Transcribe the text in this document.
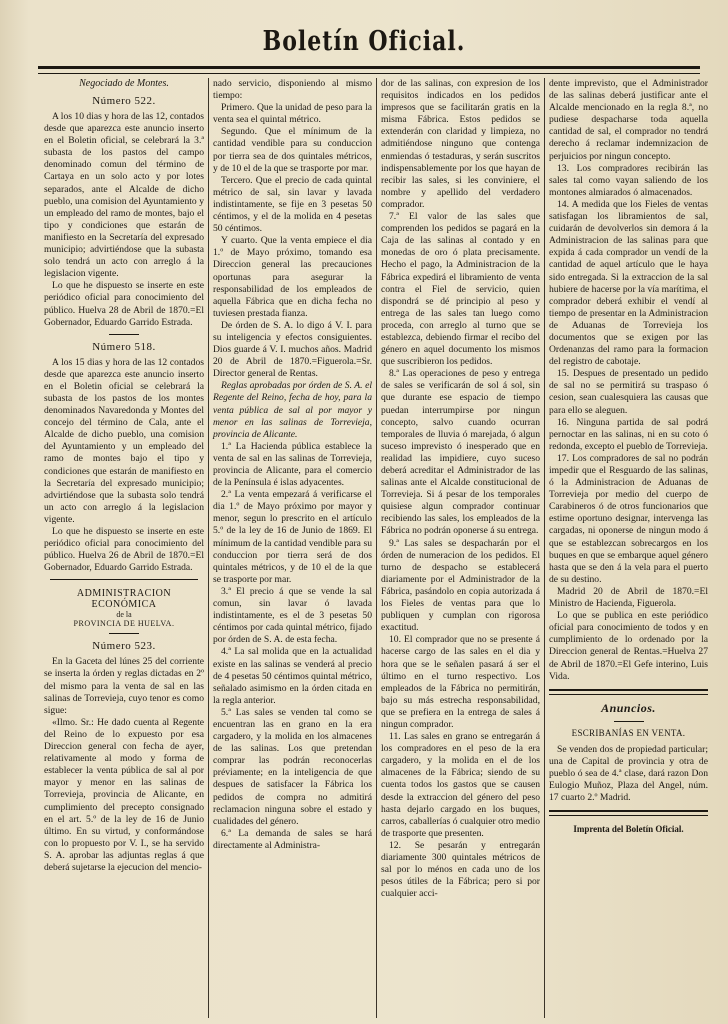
Boletín Oficial.

Negociado de Montes.

Número 522.

A los 10 dias y hora de las 12, contados desde que aparezca este anuncio inserto en el Boletin oficial, se celebrará la 3.ª subasta de los pastos del campo denominado comun del término de Cartaya en un solo acto y por lotes separados, ante el Alcalde de dicho pueblo, una comision del Ayuntamiento y un empleado del ramo de montes, bajo el tipo y condiciones que estarán de manifiesto en la Secretaría del expresado municipio; advirtiéndose que la subasta solo tendrá un acto con arreglo á la legislacion vigente.

Lo que he dispuesto se inserte en este periódico oficial para conocimiento del público. Huelva 28 de Abril de 1870.=El Gobernador, Eduardo Garrido Estrada.

Número 518.

A los 15 dias y hora de las 12 contados desde que aparezca este anuncio inserto en el Boletin oficial se celebrará la subasta de los pastos de los montes denominados Navaredonda y Montes del concejo del término de Cala, ante el Alcalde de dicho pueblo, una comision del Ayuntamiento y un empleado del ramo de montes bajo el tipo y condiciones que estarán de manifiesto en la Secretaría del expresado municipio; advirtiéndose que la subasta solo tendrá un acto con arreglo á la legislacion vigente.

Lo que he dispuesto se inserte en este periódico oficial para conocimiento del público. Huelva 26 de Abril de 1870.=El Gobernador, Eduardo Garrido Estrada.

ADMINISTRACION ECONÓMICA

de la

PROVINCIA DE HUELVA.

Número 523.

En la Gaceta del lúnes 25 del corriente se inserta la órden y reglas dictadas en 2º del mismo para la venta de sal en las salinas de Torrevieja, cuyo tenor es como sigue:

«Ilmo. Sr.: He dado cuenta al Regente del Reino de lo expuesto por esa Direccion general con fecha de ayer, relativamente al modo y forma de establecer la venta pública de sal al por mayor y menor en las salinas de Torrevieja, provincia de Alicante, en cumplimiento del precepto consignado en el art. 5.º de la ley de 16 de Junio último. En su virtud, y conformándose con lo propuesto por V. I., se ha servido S. A. aprobar las adjuntas reglas á que deberá sujetarse la ejecucion del mencio-

nado servicio, disponiendo al mismo tiempo:

Primero. Que la unidad de peso para la venta sea el quintal métrico.

Segundo. Que el mínimum de la cantidad vendible para su conduccion por tierra sea de dos quintales métricos, y de 10 el de la que se trasporte por mar.

Tercero. Que el precio de cada quintal métrico de sal, sin lavar y lavada indistintamente, se fije en 3 pesetas 50 céntimos, y el de la molida en 4 pesetas 50 céntimos.

Y cuarto. Que la venta empiece el dia 1.º de Mayo próximo, tomando esa Direccion general las precauciones oportunas para asegurar la responsabilidad de los empleados de aquella Fábrica que en dicha fecha no tuviesen prestada fianza.

De órden de S. A. lo digo á V. I. para su inteligencia y efectos consiguientes. Dios guarde á V. I. muchos años. Madrid 20 de Abril de 1870.=Figuerola.=Sr. Director general de Rentas.

Reglas aprobadas por órden de S. A. el Regente del Reino, fecha de hoy, para la venta pública de sal al por mayor y menor en las salinas de Torrevieja, provincia de Alicante.

1.ª La Hacienda pública establece la venta de sal en las salinas de Torrevieja, provincia de Alicante, para el comercio de la Península é islas adyacentes.

2.ª La venta empezará á verificarse el dia 1.º de Mayo próximo por mayor y menor, segun lo prescrito en el artículo 5.º de la ley de 16 de Junio de 1869. El mínimum de la cantidad vendible para su conduccion por tierra será de dos quintales métricos, y de 10 el de la que se trasporte por mar.

3.ª El precio á que se vende la sal comun, sin lavar ó lavada indistintamente, es el de 3 pesetas 50 céntimos por cada quintal métrico, fijado por órden de S. A. de esta fecha.

4.ª La sal molida que en la actualidad existe en las salinas se venderá al precio de 4 pesetas 50 céntimos quintal métrico, señalado asimismo en la órden citada en la regla anterior.

5.ª Las sales se venden tal como se encuentran las en grano en la era cargadero, y la molida en los almacenes de las salinas. Los que pretendan comprar las podrán reconocerlas préviamente; en la inteligencia de que despues de satisfacer la Fábrica los pedidos de compra no admitirá reclamacion ninguna sobre el estado y cualidades del género.

6.ª La demanda de sales se hará directamente al Administra-

dor de las salinas, con expresion de los requisitos indicados en los pedidos impresos que se facilitarán gratis en la misma Fábrica. Estos pedidos se extenderán con claridad y limpieza, no admitiéndose ninguno que contenga enmiendas ó testaduras, y serán suscritos indispensablemente por los que hayan de recibir las sales, si les conviniere, el nombre y apellido del verdadero comprador.

7.ª El valor de las sales que comprenden los pedidos se pagará en la Caja de las salinas al contado y en monedas de oro ó plata precisamente. Hecho el pago, la Administracion de la Fábrica expedirá el libramiento de venta contra el Fiel de servicio, quien dispondrá se dé principio al peso y entrega de las sales tan luego como proceda, con arreglo al turno que se establezca, debiendo firmar el recibo del género en aquel documento los mismos que suscribieron los pedidos.

8.ª Las operaciones de peso y entrega de sales se verificarán de sol á sol, sin que durante ese espacio de tiempo puedan interrumpirse por ningun concepto, salvo cuando ocurran temporales de lluvia ó marejada, ó algun suceso imprevisto ó inesperado que en realidad las impidiere, cuyo suceso deberá acreditar el Administrador de las salinas ante el Alcalde constitucional de Torrevieja. Si á pesar de los temporales quisiese algun comprador continuar recibiendo las sales, los empleados de la Fábrica no podrán oponerse á su entrega.

9.ª Las sales se despacharán por el órden de numeracion de los pedidos. El turno de despacho se establecerá diariamente por el Administrador de la Fábrica, pasándolo en copia autorizada á los Fieles de ventas para que lo publiquen y cumplan con rigorosa exactitud.

10. El comprador que no se presente á hacerse cargo de las sales en el dia y hora que se le señalen pasará á ser el último en el turno respectivo. Los empleados de la Fábrica no permitirán, bajo su más estrecha responsabilidad, que se prefiera en la entrega de sales á ningun comprador.

11. Las sales en grano se entregarán á los compradores en el peso de la era cargadero, y la molida en el de los almacenes de la Fábrica; siendo de su cuenta todos los gastos que se causen desde la extraccion del género del peso hasta dejarlo cargado en los buques, carros, caballerías ó cualquier otro medio de trasporte que presenten.

12. Se pesarán y entregarán diariamente 300 quintales métricos de sal por lo ménos en cada uno de los pesos útiles de la Fábrica; pero si por cualquier acci-

dente imprevisto, que el Administrador de las salinas deberá justificar ante el Alcalde mencionado en la regla 8.ª, no pudiese despacharse toda aquella cantidad de sal, el comprador no tendrá derecho á reclamar indemnizacion de perjuicios por ningun concepto.

13. Los compradores recibirán las sales tal como vayan saliendo de los montones almiarados ó almacenados.

14. A medida que los Fieles de ventas satisfagan los libramientos de sal, cuidarán de devolverlos sin demora á la Administracion de las salinas para que expida á cada comprador un vendí de la cantidad de aquel artículo que le haya sido entregada. Si la extraccion de la sal hubiere de hacerse por la vía marítima, el comprador deberá exhibir el vendí al tiempo de presentar en la Administracion de Aduanas de Torrevieja los documentos que se exigen por las Ordenanzas del ramo para la formacion del registro de cabotaje.

15. Despues de presentado un pedido de sal no se permitirá su traspaso ó cesion, sean cualesquiera las causas que para ello se aleguen.

16. Ninguna partida de sal podrá pernoctar en las salinas, ni en su coto ó redonda, excepto el pueblo de Torrevieja.

17. Los compradores de sal no podrán impedir que el Resguardo de las salinas, ó la Administracion de Aduanas de Torrevieja por medio del cuerpo de Carabineros ó de otros funcionarios que estime oportuno designar, intervenga las cargadas, ni oponerse de ningun modo á que se establezcan sobrecargos en los buques en que se embarque aquel género hasta que se den á la vela para el puerto de su destino.

Madrid 20 de Abril de 1870.=El Ministro de Hacienda, Figuerola.

Lo que se publica en este periódico oficial para conocimiento de todos y en cumplimiento de lo ordenado por la Direccion general de Rentas.=Huelva 27 de Abril de 1870.=El Gefe interino, Luis Vida.

Anuncios.

ESCRIBANÍAS EN VENTA.

Se venden dos de propiedad particular; una de Capital de provincia y otra de pueblo ó sea de 4.ª clase, dará razon Don Eulogio Muñoz, Plaza del Angel, núm. 17 cuarto 2.º Madrid.

Imprenta del Boletín Oficial.
